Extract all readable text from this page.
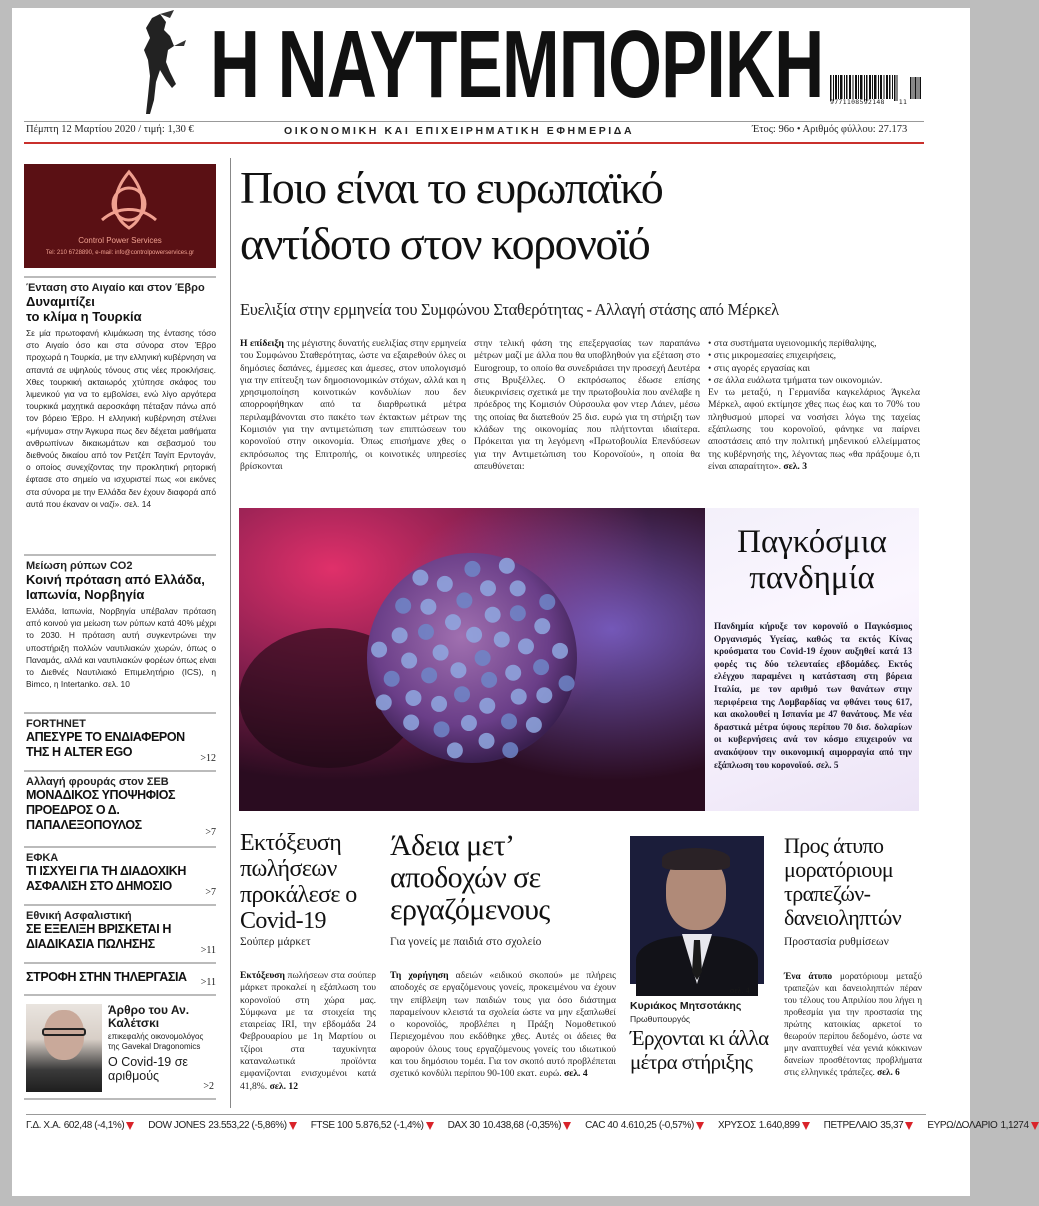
Η ΝΑΥΤΕΜΠΟΡΙΚΗ 9771108592148 11
Πέμπτη 12 Μαρτίου 2020 / τιμή: 1,30 €	ΟΙΚΟΝΟΜΙΚΗ ΚΑΙ ΕΠΙΧΕΙΡΗΜΑΤΙΚΗ ΕΦΗΜΕΡΙΔΑ	Έτος: 96ο • Αριθμός φύλλου: 27.173
Control Power Services
Tel: 210 6728890, e-mail: info@controlpowerservices.gr
Ένταση στο Αιγαίο και στον Έβρο
Δυναμιτίζει
το κλίμα η Τουρκία
Σε μία πρωτοφανή κλιμάκωση της έντασης τόσο στο Αιγαίο όσο και στα σύνορα στον Έβρο προχωρά η Τουρκία, με την ελληνική κυβέρνηση να απαντά σε υψηλούς τόνους στις νέες προκλήσεις. Χθες τουρκική ακταιωρός χτύπησε σκάφος του λιμενικού για να το εμβολίσει, ενώ λίγο αργότερα τουρκικά μαχητικά αεροσκάφη πέταξαν πάνω από τον βόρειο Έβρο. Η ελληνική κυβέρνηση στέλνει «μήνυμα» στην Άγκυρα πως δεν δέχεται μαθήματα ανθρωπίνων δικαιωμάτων και σεβασμού του διεθνούς δικαίου από τον Ρετζέπ Ταγίπ Ερντογάν, ο οποίος συνεχίζοντας την προκλητική ρητορική έφτασε στο σημείο να ισχυριστεί πως «οι εικόνες στα σύνορα με την Ελλάδα δεν έχουν διαφορά από αυτά που έκαναν οι ναζί». σελ. 14
Μείωση ρύπων CO2
Κοινή πρόταση από Ελλάδα, Ιαπωνία, Νορβηγία
Ελλάδα, Ιαπωνία, Νορβηγία υπέβαλαν πρόταση από κοινού για μείωση των ρύπων κατά 40% μέχρι το 2030. Η πρόταση αυτή συγκεντρώνει την υποστήριξη πολλών ναυτιλιακών χωρών, όπως ο Παναμάς, αλλά και ναυτιλιακών φορέων όπως είναι το Διεθνές Ναυτιλιακό Επιμελητήριο (ICS), η Bimco, η Intertanko. σελ. 10
FORTHNET
ΑΠΕΣΥΡΕ ΤΟ ΕΝΔΙΑΦΕΡΟΝ ΤΗΣ Η ALTER EGO	>12
Αλλαγή φρουράς στον ΣΕΒ
ΜΟΝΑΔΙΚΟΣ ΥΠΟΨΗΦΙΟΣ ΠΡΟΕΔΡΟΣ Ο Δ. ΠΑΠΑΛΕΞΟΠΟΥΛΟΣ
>7
ΕΦΚΑ
ΤΙ ΙΣΧΥΕΙ ΓΙΑ ΤΗ ΔΙΑΔΟΧΙΚΗ ΑΣΦΑΛΙΣΗ ΣΤΟ ΔΗΜΟΣΙΟ	>7
Εθνική Ασφαλιστική
ΣΕ ΕΞΕΛΙΞΗ ΒΡΙΣΚΕΤΑΙ Η ΔΙΑΔΙΚΑΣΙΑ ΠΩΛΗΣΗΣ	>11
ΣΤΡΟΦΗ ΣΤΗΝ ΤΗΛΕΡΓΑΣΙΑ	>11
Άρθρο του Αν. Καλέτσκι
επικεφαλής οικονομολόγος της Gavekal Dragonomics
Ο Covid-19 σε αριθμούς
>2
Ποιο είναι το ευρωπαϊκό
αντίδοτο στον κορονοϊό
Ευελιξία στην ερμηνεία του Συμφώνου Σταθερότητας - Αλλαγή στάσης από Μέρκελ
Η επίδειξη της μέγιστης δυνατής ευελιξίας στην ερμηνεία του Συμφώνου Σταθερότητας, ώστε να εξαιρεθούν όλες οι δημόσιες δαπάνες, έμμεσες και άμεσες, στον υπολογισμό για την επίτευξη των δημοσιονομικών στόχων, αλλά και η χρησιμοποίηση κοινοτικών κονδυλίων που δεν απορροφήθηκαν από τα διαρθρωτικά μέτρα περιλαμβάνονται στο πακέτο των έκτακτων μέτρων της Κομισιόν για την αντιμετώπιση των επιπτώσεων του κορονοϊού στην οικονομία. Όπως επισήμανε χθες ο εκπρόσωπος της Επιτροπής, οι κοινοτικές υπηρεσίες βρίσκονται
στην τελική φάση της επεξεργασίας των παραπάνω μέτρων μαζί με άλλα που θα υποβληθούν για εξέταση στο Eurogroup, το οποίο θα συνεδριάσει την προσεχή Δευτέρα στις Βρυξέλλες. Ο εκπρόσωπος έδωσε επίσης διευκρινίσεις σχετικά με την πρωτοβουλία που ανέλαβε η πρόεδρος της Κομισιόν Ούρσουλα φον ντερ Λάιεν, μέσω της οποίας θα διατεθούν 25 δισ. ευρώ για τη στήριξη των κλάδων της οικονομίας που πλήττονται ιδιαίτερα. Πρόκειται για τη λεγόμενη «Πρωτοβουλία Επενδύσεων για την Αντιμετώπιση του Κορονοϊού», η οποία θα απευθύνεται:
• στα συστήματα υγειονομικής περίθαλψης,
• στις μικρομεσαίες επιχειρήσεις,
• στις αγορές εργασίας και
• σε άλλα ευάλωτα τμήματα των οικονομιών.
Εν τω μεταξύ, η Γερμανίδα καγκελάριος Άγκελα Μέρκελ, αφού εκτίμησε χθες πως έως και το 70% του πληθυσμού μπορεί να νοσήσει λόγω της ταχείας εξάπλωσης του κορονοϊού, φάνηκε να παίρνει αποστάσεις από την πολιτική μηδενικού ελλείμματος της κυβέρνησής της, λέγοντας πως «θα πράξουμε ό,τι είναι απαραίτητο». σελ. 3
Παγκόσμια
πανδημία
Πανδημία κήρυξε τον κορονοϊό ο Παγκόσμιος Οργανισμός Υγείας, καθώς τα εκτός Κίνας κρούσματα του Covid-19 έχουν αυξηθεί κατά 13 φορές τις δύο τελευταίες εβδομάδες. Εκτός ελέγχου παραμένει η κατάσταση στη βόρεια Ιταλία, με τον αριθμό των θανάτων στην περιφέρεια της Λομβαρδίας να φθάνει τους 617, και ακολουθεί η Ισπανία με 47 θανάτους. Με νέα δραστικά μέτρα ύψους περίπου 70 δισ. δολαρίων οι κυβερνήσεις ανά τον κόσμο επιχειρούν να ανακόψουν την οικονομική αιμορραγία από την εξάπλωση του κορονοϊού. σελ. 5
Εκτόξευση πωλήσεων προκάλεσε ο Covid-19
Σούπερ μάρκετ
Εκτόξευση πωλήσεων στα σούπερ μάρκετ προκαλεί η εξάπλωση του κορονοϊού στη χώρα μας. Σύμφωνα με τα στοιχεία της εταιρείας IRI, την εβδομάδα 24 Φεβρουαρίου με 1η Μαρτίου οι τζίροι στα ταχυκίνητα καταναλωτικά προϊόντα εμφανίζονται ενισχυμένοι κατά 41,8%. σελ. 12
Άδεια μετ’ αποδοχών σε εργαζόμενους
Για γονείς με παιδιά στο σχολείο
Τη χορήγηση αδειών «ειδικού σκοπού» με πλήρεις αποδοχές σε εργαζόμενους γονείς, προκειμένου να έχουν την επίβλεψη των παιδιών τους για όσο διάστημα παραμείνουν κλειστά τα σχολεία ώστε να μην εξαπλωθεί ο κορονοϊός, προβλέπει η Πράξη Νομοθετικού Περιεχομένου που εκδόθηκε χθες. Αυτές οι άδειες θα αφορούν όλους τους εργαζόμενους γονείς του ιδιωτικού και του δημόσιου τομέα. Για τον σκοπό αυτό προβλέπεται σχετικό κονδύλι περίπου 90-100 εκατ. ευρώ. σελ. 4
σελ. 4
Κυριάκος Μητσοτάκης
Πρωθυπουργός
Έρχονται κι άλλα μέτρα στήριξης
Προς άτυπο μορατόριουμ τραπεζών-δανειοληπτών
Προστασία ρυθμίσεων
Ένα άτυπο μορατόριουμ μεταξύ τραπεζών και δανειοληπτών πέραν του τέλους του Απριλίου που λήγει η προθεσμία για την προστασία της πρώτης κατοικίας αρκετοί το θεωρούν περίπου δεδομένο, ώστε να μην αναπτυχθεί νέα γενιά κόκκινων δανείων προσθέτοντας προβλήματα στις ελληνικές τράπεζες. σελ. 6
Γ.Δ. Χ.Α. 602,48 (-4,1%) DOW JONES 23.553,22 (-5,86%) FTSE 100 5.876,52 (-1,4%) DAX 30 10.438,68 (-0,35%) CAC 40 4.610,25 (-0,57%) ΧΡΥΣΟΣ 1.640,899 ΠΕΤΡΕΛΑΙΟ 35,37 ΕΥΡΩ/ΔΟΛΑΡΙΟ 1,1274
